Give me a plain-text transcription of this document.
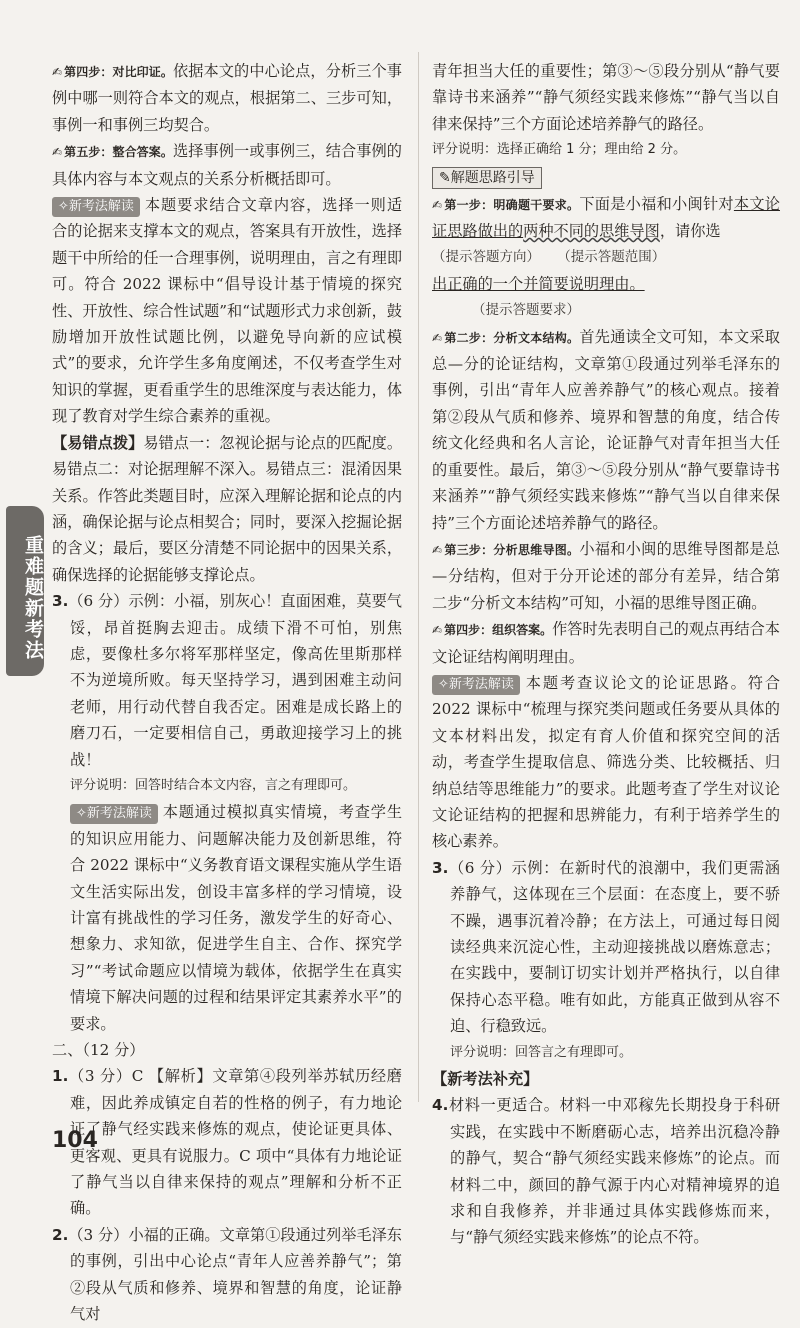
重难题新考法

✍ 第四步：对比印证。依据本文的中心论点，分析三个事例中哪一则符合本文的观点，根据第二、三步可知，事例一和事例三均契合。

✍ 第五步：整合答案。选择事例一或事例三，结合事例的具体内容与本文观点的关系分析概括即可。

✧ 新考法解读 本题要求结合文章内容，选择一则适合的论据来支撑本文的观点，答案具有开放性，选择题干中所给的任一合理事例，说明理由，言之有理即可。符合 2022 课标中“倡导设计基于情境的探究性、开放性、综合性试题”和“试题形式力求创新，鼓励增加开放性试题比例，以避免导向新的应试模式”的要求，允许学生多角度阐述，不仅考查学生对知识的掌握，更看重学生的思维深度与表达能力，体现了教育对学生综合素养的重视。

【易错点拨】易错点一：忽视论据与论点的匹配度。易错点二：对论据理解不深入。易错点三：混淆因果关系。作答此类题目时，应深入理解论据和论点的内涵，确保论据与论点相契合；同时，要深入挖掘论据的含义；最后，要区分清楚不同论据中的因果关系，确保选择的论据能够支撑论点。

3.（6 分）示例：小福，别灰心！直面困难，莫要气馁，昂首挺胸去迎击。成绩下滑不可怕，别焦虑，要像杜多尔将军那样坚定，像高佐里斯那样不为逆境所败。每天坚持学习，遇到困难主动问老师，用行动代替自我否定。困难是成长路上的磨刀石，一定要相信自己，勇敢迎接学习上的挑战！

评分说明：回答时结合本文内容，言之有理即可。

✧ 新考法解读 本题通过模拟真实情境，考查学生的知识应用能力、问题解决能力及创新思维，符合 2022 课标中“义务教育语文课程实施从学生语文生活实际出发，创设丰富多样的学习情境，设计富有挑战性的学习任务，激发学生的好奇心、想象力、求知欲，促进学生自主、合作、探究学习”“考试命题应以情境为载体，依据学生在真实情境下解决问题的过程和结果评定其素养水平”的要求。

二、（12 分）

1.（3 分）C 【解析】文章第④段列举苏轼历经磨难，因此养成镇定自若的性格的例子，有力地论证了静气经实践来修炼的观点，使论证更具体、更客观、更具有说服力。C 项中“具体有力地论证了静气当以自律来保持的观点”理解和分析不正确。

2.（3 分）小福的正确。文章第①段通过列举毛泽东的事例，引出中心论点“青年人应善养静气”；第②段从气质和修养、境界和智慧的角度，论证静气对

青年担当大任的重要性；第③～⑤段分别从“静气要靠诗书来涵养”“静气须经实践来修炼”“静气当以自律来保持”三个方面论述培养静气的路径。

评分说明：选择正确给 1 分；理由给 2 分。

✎ 解题思路引导

✍ 第一步：明确题干要求。下面是小福和小闽针对本文论证思路做出的两种不同的思维导图，请你选

（提示答题方向） （提示答题范围）

出正确的一个并简要说明理由。

（提示答题要求）

✍ 第二步：分析文本结构。首先通读全文可知，本文采取总—分的论证结构，文章第①段通过列举毛泽东的事例，引出“青年人应善养静气”的核心观点。接着第②段从气质和修养、境界和智慧的角度，结合传统文化经典和名人言论，论证静气对青年担当大任的重要性。最后，第③～⑤段分别从“静气要靠诗书来涵养”“静气须经实践来修炼”“静气当以自律来保持”三个方面论述培养静气的路径。

✍ 第三步：分析思维导图。小福和小闽的思维导图都是总—分结构，但对于分开论述的部分有差异，结合第二步“分析文本结构”可知，小福的思维导图正确。

✍ 第四步：组织答案。作答时先表明自己的观点再结合本文论证结构阐明理由。

✧ 新考法解读 本题考查议论文的论证思路。符合 2022 课标中“梳理与探究类问题或任务要从具体的文本材料出发，拟定有育人价值和探究空间的活动，考查学生提取信息、筛选分类、比较概括、归纳总结等思维能力”的要求。此题考查了学生对议论文论证结构的把握和思辨能力，有利于培养学生的核心素养。

3.（6 分）示例：在新时代的浪潮中，我们更需涵养静气，这体现在三个层面：在态度上，要不骄不躁，遇事沉着冷静；在方法上，可通过每日阅读经典来沉淀心性，主动迎接挑战以磨炼意志；在实践中，要制订切实计划并严格执行，以自律保持心态平稳。唯有如此，方能真正做到从容不迫、行稳致远。

评分说明：回答言之有理即可。

【新考法补充】

4.材料一更适合。材料一中邓稼先长期投身于科研实践，在实践中不断磨砺心志，培养出沉稳冷静的静气，契合“静气须经实践来修炼”的论点。而材料二中，颜回的静气源于内心对精神境界的追求和自我修养，并非通过具体实践修炼而来，与“静气须经实践来修炼”的论点不符。

104
